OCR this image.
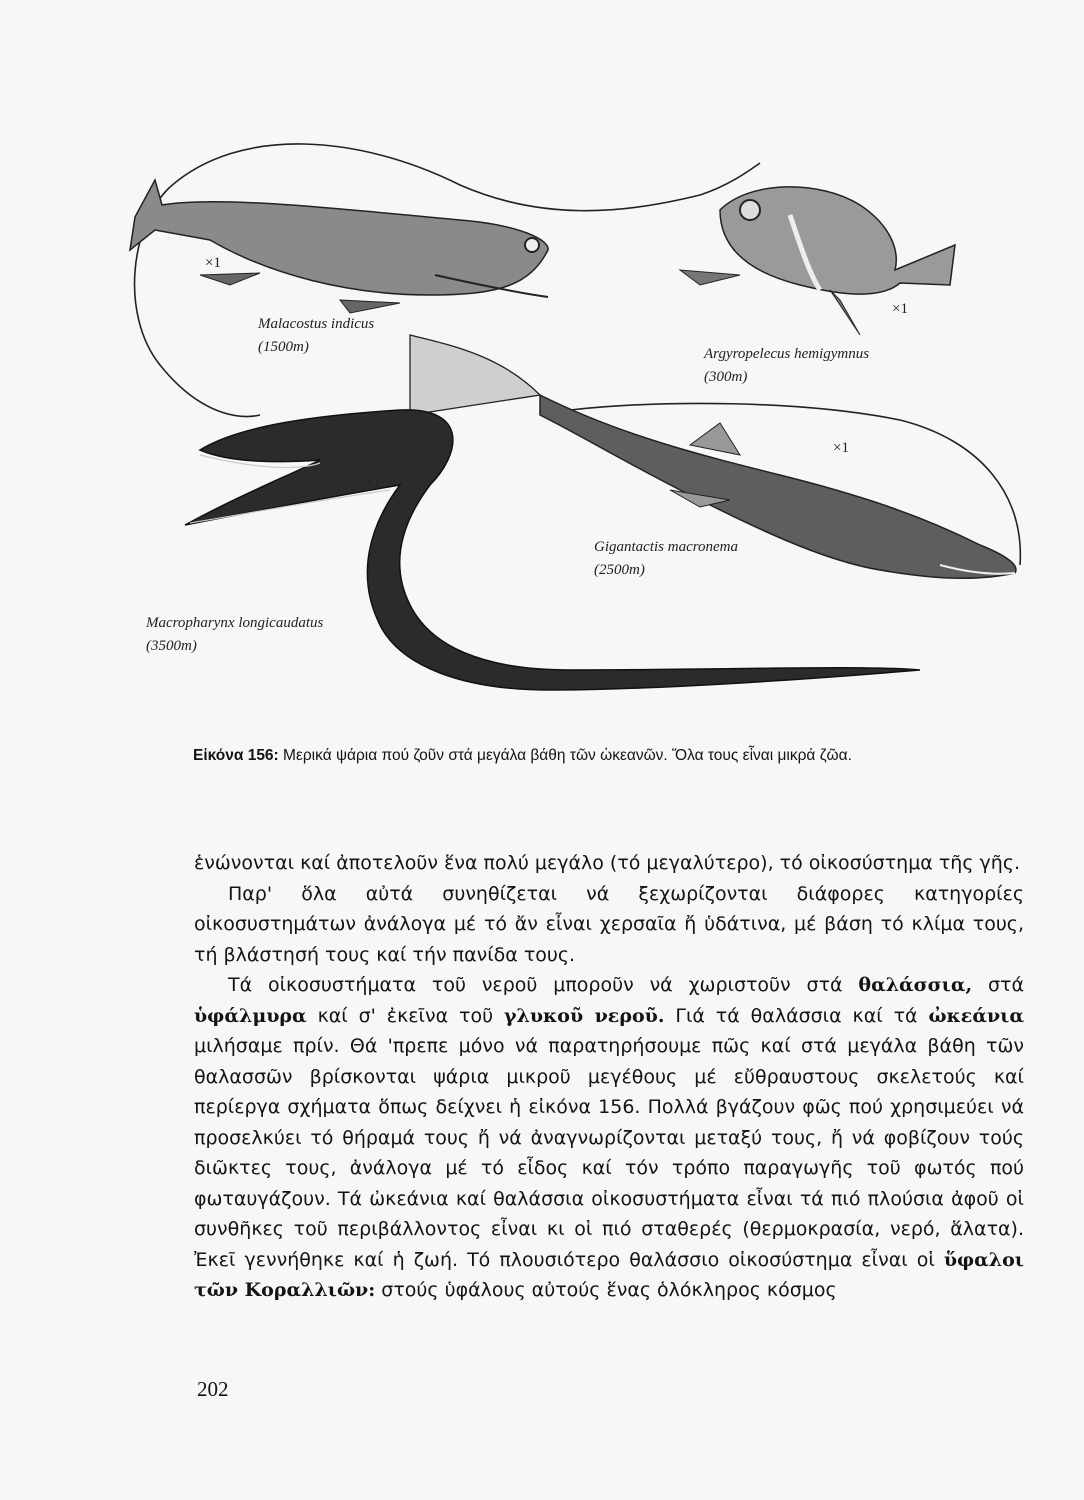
×1
Malacostus indicus
(1500m)
×1
Argyropelecus hemigymnus
(300m)
×1
Gigantactis macronema
(2500m)
×1
Macropharynx longicaudatus
(3500m)

Εἰκόνα 156: Μερικά ψάρια πού ζοῦν στά μεγάλα βάθη τῶν ὠκεανῶν. Ὅλα τους εἶναι μικρά ζῶα.

ἑνώνονται καί ἀποτελοῦν ἕνα πολύ μεγάλο (τό μεγαλύτερο), τό οἰκοσύστημα τῆς γῆς.

Παρ' ὅλα αὐτά συνηθίζεται νά ξεχωρίζονται διάφορες κατηγορίες οἰκοσυστημάτων ἀνάλογα μέ τό ἄν εἶναι χερσαῖα ἤ ὑδάτινα, μέ βάση τό κλίμα τους, τή βλάστησή τους καί τήν πανίδα τους.

Τά οἰκοσυστήματα τοῦ νεροῦ μποροῦν νά χωριστοῦν στά θαλάσσια, στά ὑφάλμυρα καί σ' ἐκεῖνα τοῦ γλυκοῦ νεροῦ. Γιά τά θαλάσσια καί τά ὠκεάνια μιλήσαμε πρίν. Θά 'πρεπε μόνο νά παρατηρήσουμε πῶς καί στά μεγάλα βάθη τῶν θαλασσῶν βρίσκονται ψάρια μικροῦ μεγέθους μέ εὔθραυστους σκελετούς καί περίεργα σχήματα ὅπως δείχνει ἡ εἰκόνα 156. Πολλά βγάζουν φῶς πού χρησιμεύει νά προσελκύει τό θήραμά τους ἤ νά ἀναγνωρίζονται μεταξύ τους, ἤ νά φοβίζουν τούς διῶκτες τους, ἀνάλογα μέ τό εἶδος καί τόν τρόπο παραγωγῆς τοῦ φωτός πού φωταυγάζουν. Τά ὠκεάνια καί θαλάσσια οἰκοσυστήματα εἶναι τά πιό πλούσια ἀφοῦ οἱ συνθῆκες τοῦ περιβάλλοντος εἶναι κι οἱ πιό σταθερές (θερμοκρασία, νερό, ἅλατα). Ἐκεῖ γεννήθηκε καί ἡ ζωή. Τό πλουσιότερο θαλάσσιο οἰκοσύστημα εἶναι οἱ ὕφαλοι τῶν Κοραλλιῶν: στούς ὑφάλους αὐτούς ἕνας ὁλόκληρος κόσμος

202
